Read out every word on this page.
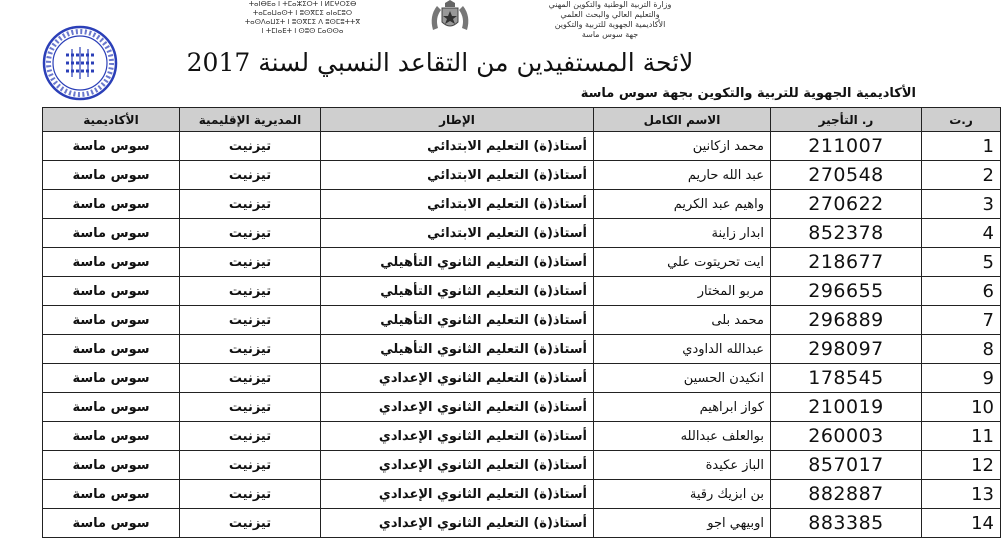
ⵜⴰⵏⴱⴹⴰ ⵏ ⵜⵎⴰⵣⵉⵔⵜ ⵏ ⵍⵎⵖⵔⵉⴱ
ⵜⴰⵎⴰⵡⴰⵙⵜ ⵏ ⵓⵙⴳⵎⵉ ⴰⵏⴰⵎⵓⵔ
ⵜⴰⵙⴷⴰⵡⵉⵜ ⵏ ⵓⵙⴳⵎⵉ ⴷ ⵓⵙⵎⵓⵜⵜⴳ
ⵏ ⵜⵎⵏⴰⴹⵜ ⵏ ⵙⵓⵙ ⵎⴰⵙⵙⴰ
وزارة التربية الوطنية والتكوين المهني
والتعليم العالي والبحث العلمي
الأكاديمية الجهوية للتربية والتكوين
جهة سوس ماسة
لائحة المستفيدين من التقاعد النسبي لسنة 2017
الأكاديمية الجهوية للتربية والتكوين بجهة سوس ماسة
ر.ت	ر. التأجير	الاسم الكامل	الإطار	المديرية الإقليمية	الأكاديمية
1	211007	محمد ازكانين	أستاذ(ة) التعليم الابتدائي	تيزنيت	سوس ماسة
2	270548	عبد الله حاريم	أستاذ(ة) التعليم الابتدائي	تيزنيت	سوس ماسة
3	270622	واهيم عبد الكريم	أستاذ(ة) التعليم الابتدائي	تيزنيت	سوس ماسة
4	852378	ابدار زاينة	أستاذ(ة) التعليم الابتدائي	تيزنيت	سوس ماسة
5	218677	ايت تحريتوت علي	أستاذ(ة) التعليم الثانوي التأهيلي	تيزنيت	سوس ماسة
6	296655	مربو المختار	أستاذ(ة) التعليم الثانوي التأهيلي	تيزنيت	سوس ماسة
7	296889	محمد بلى	أستاذ(ة) التعليم الثانوي التأهيلي	تيزنيت	سوس ماسة
8	298097	عبدالله الداودي	أستاذ(ة) التعليم الثانوي التأهيلي	تيزنيت	سوس ماسة
9	178545	انكيدن الحسين	أستاذ(ة) التعليم الثانوي الإعدادي	تيزنيت	سوس ماسة
10	210019	كواز ابراهيم	أستاذ(ة) التعليم الثانوي الإعدادي	تيزنيت	سوس ماسة
11	260003	بوالعلف عبدالله	أستاذ(ة) التعليم الثانوي الإعدادي	تيزنيت	سوس ماسة
12	857017	الباز عكيدة	أستاذ(ة) التعليم الثانوي الإعدادي	تيزنيت	سوس ماسة
13	882887	بن ابزيك رقية	أستاذ(ة) التعليم الثانوي الإعدادي	تيزنيت	سوس ماسة
14	883385	اوبيهي اجو	أستاذ(ة) التعليم الثانوي الإعدادي	تيزنيت	سوس ماسة
